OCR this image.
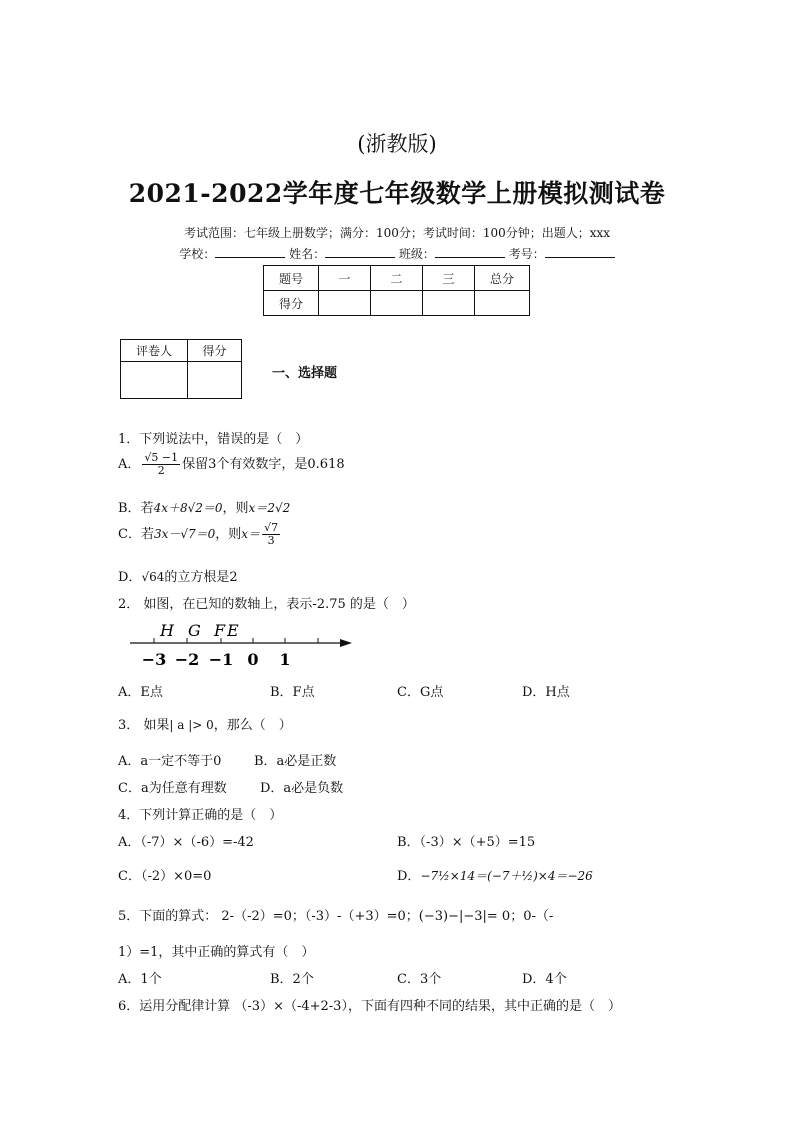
(浙教版)
2021-2022学年度七年级数学上册模拟测试卷
考试范围：七年级上册数学；满分：100分；考试时间：100分钟；出题人；xxx
学校：	姓名：	班级：	考号：
题号	一	二	三	总分
得分				
评卷人	得分

一、选择题
1．下列说法中，错误的是（　）
A． $\frac{√5 -1}{2}$ 保留3个有效数字，是0.618
B．若4x＋8√2＝0，则x＝2√2
C．若3x－√7＝0，则$x= \frac{√7}{3}$
D．√64的立方根是2
2． 如图，在已知的数轴上，表示-2.75 的是（　）
H G F E
−3 −2 −1 0 1
A．E点	B．F点	C．G点	D．H点
3． 如果| a |> 0，那么（　）
A．a一定不等于0	B．a必是正数
C．a为任意有理数	D．a必是负数
4．下列计算正确的是（　）
A．（-7）×（-6）=-42	B．（-3）×（+5）=15
C．（-2）×0=0	D．−7½×14＝(−7＋½)×4＝−26
5．下面的算式： 2-（-2）=0；（-3）-（+3）=0；(−3)−|−3|= 0；0-（-
1）=1，其中正确的算式有（　）
A．1个	B．2个	C．3个	D．4个
6．运用分配律计算 （-3）×（-4+2-3），下面有四种不同的结果，其中正确的是（　）
